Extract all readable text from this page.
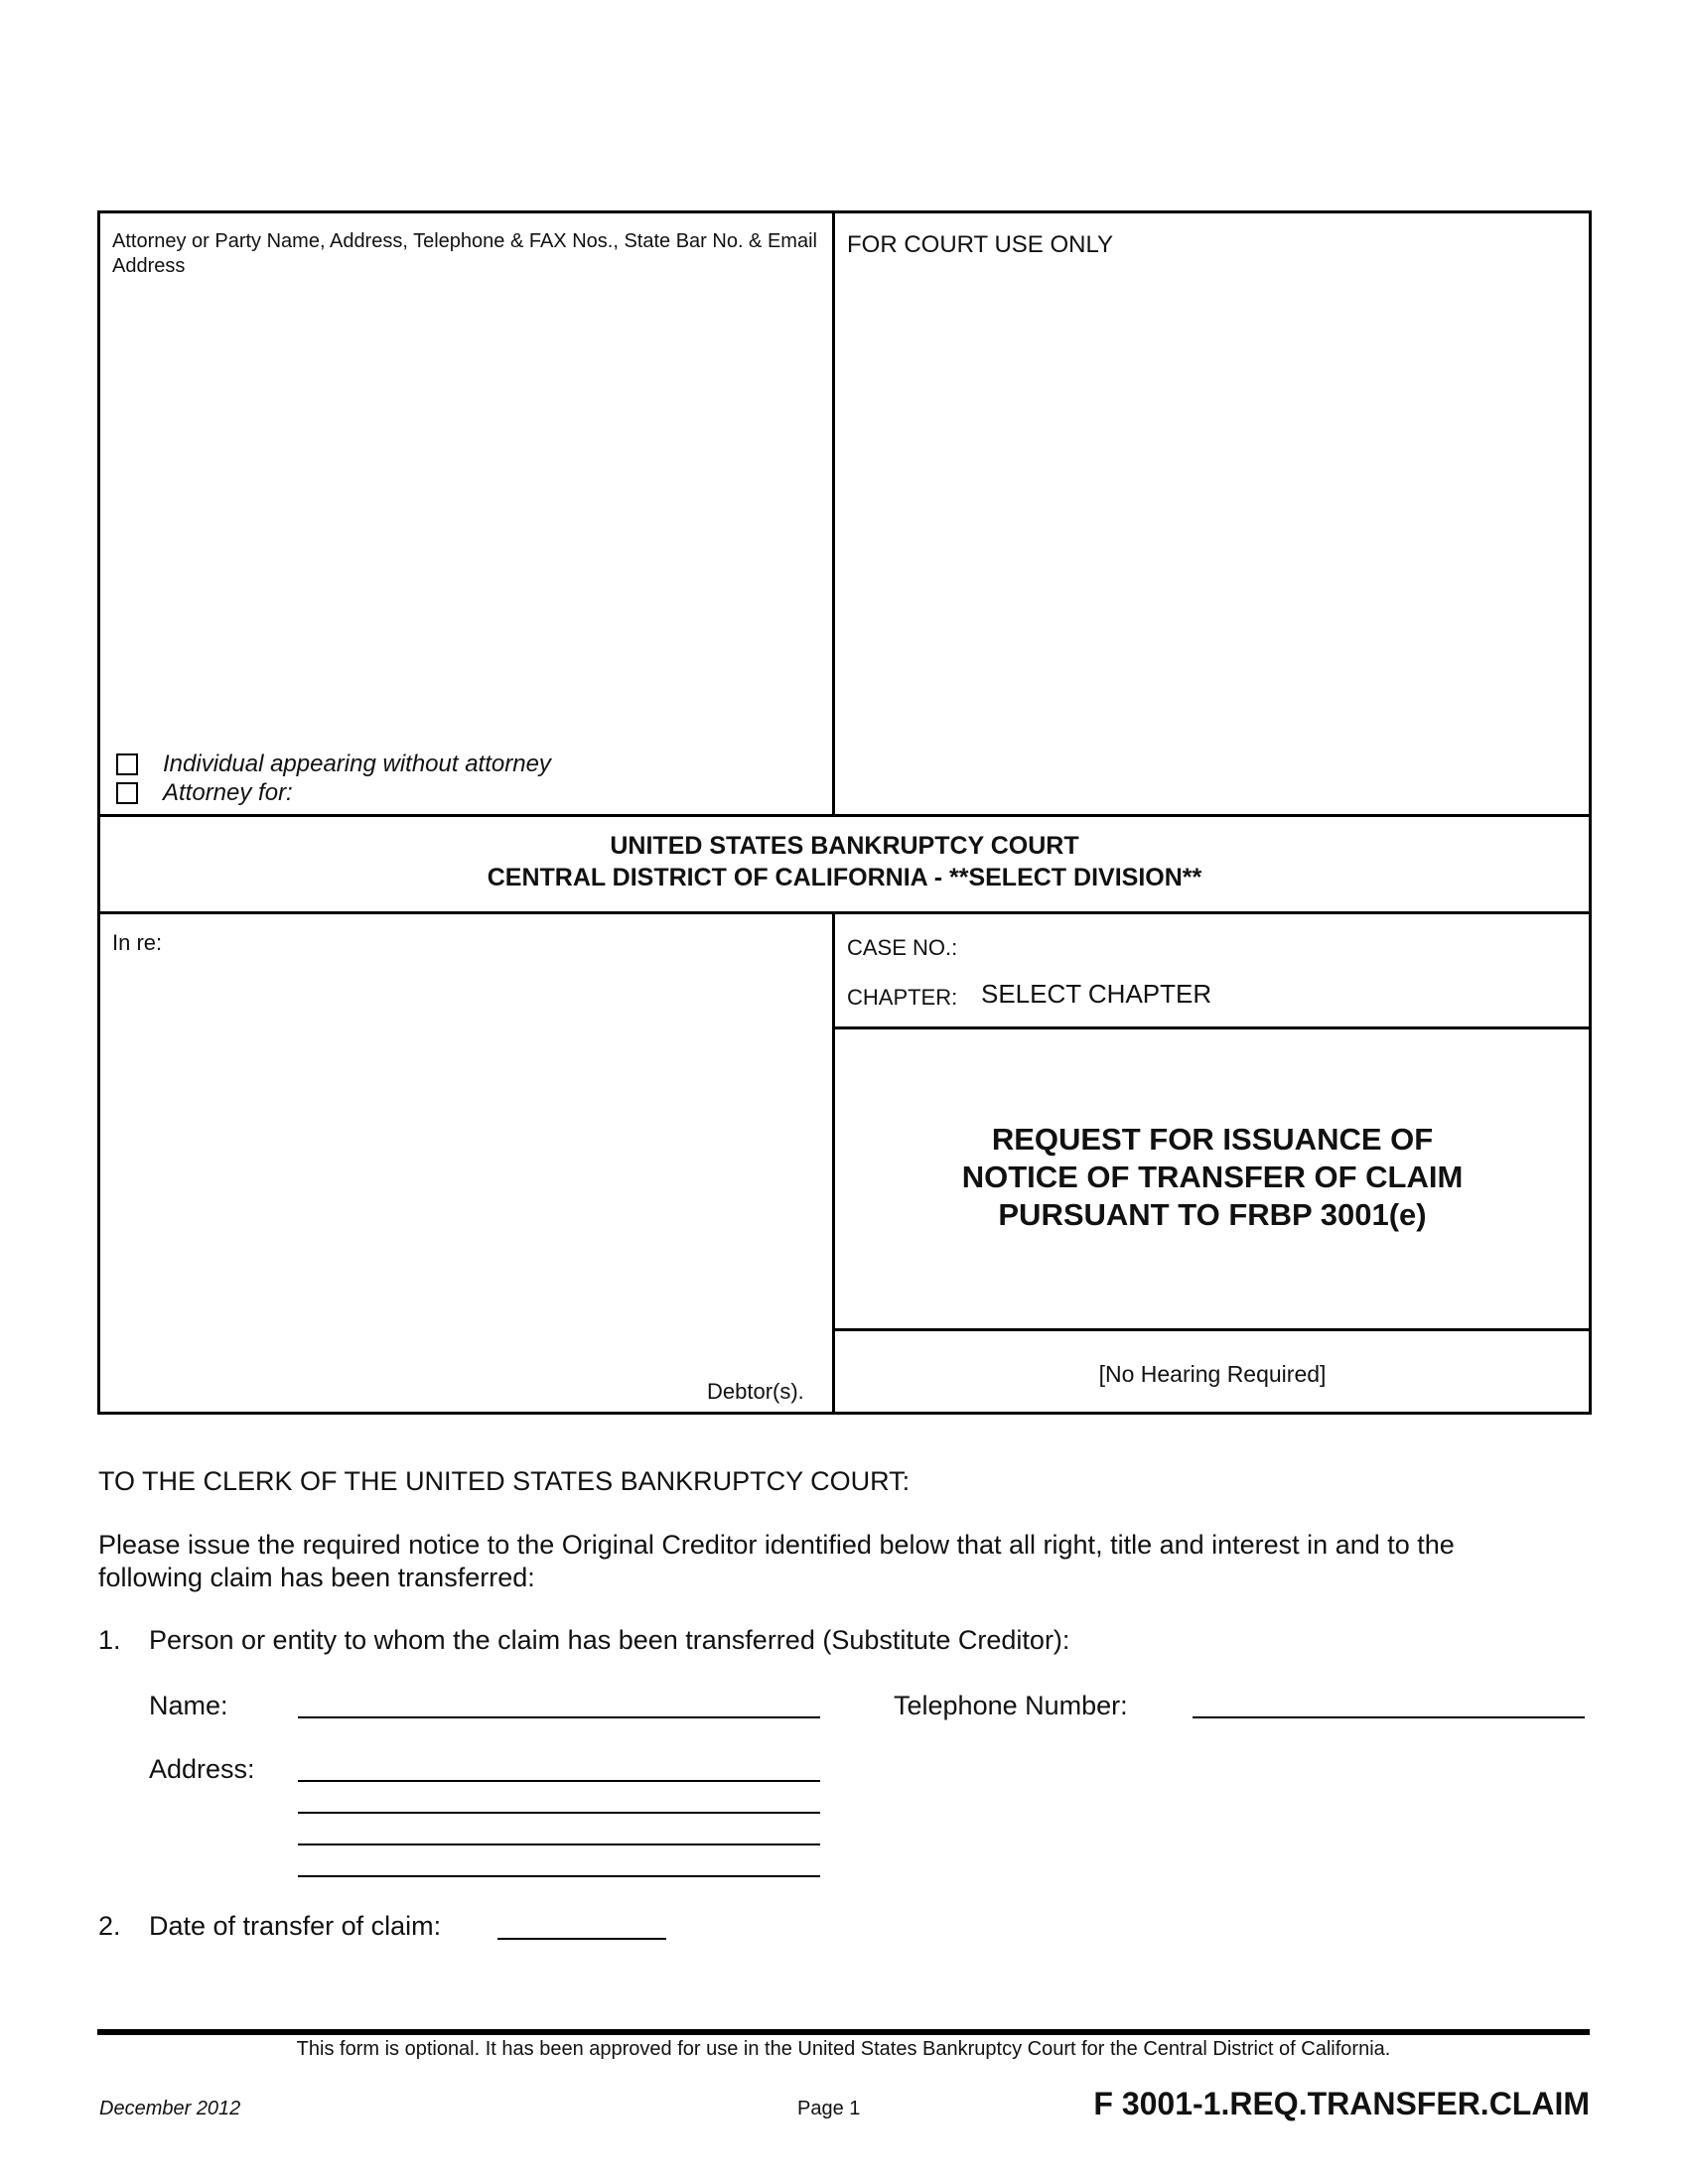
Attorney or Party Name, Address, Telephone & FAX Nos., State Bar No. & Email Address
FOR COURT USE ONLY
Individual appearing without attorney
Attorney for:
UNITED STATES BANKRUPTCY COURT
CENTRAL DISTRICT OF CALIFORNIA - **SELECT DIVISION**
In re:
Debtor(s).
CASE NO.:
CHAPTER: SELECT CHAPTER
REQUEST FOR ISSUANCE OF
NOTICE OF TRANSFER OF CLAIM
PURSUANT TO FRBP 3001(e)
[No Hearing Required]
TO THE CLERK OF THE UNITED STATES BANKRUPTCY COURT:
Please issue the required notice to the Original Creditor identified below that all right, title and interest in and to the
following claim has been transferred:
1. Person or entity to whom the claim has been transferred (Substitute Creditor):
Name:	Telephone Number:
Address:
2. Date of transfer of claim:
This form is optional. It has been approved for use in the United States Bankruptcy Court for the Central District of California.
December 2012	Page 1	F 3001-1.REQ.TRANSFER.CLAIM
